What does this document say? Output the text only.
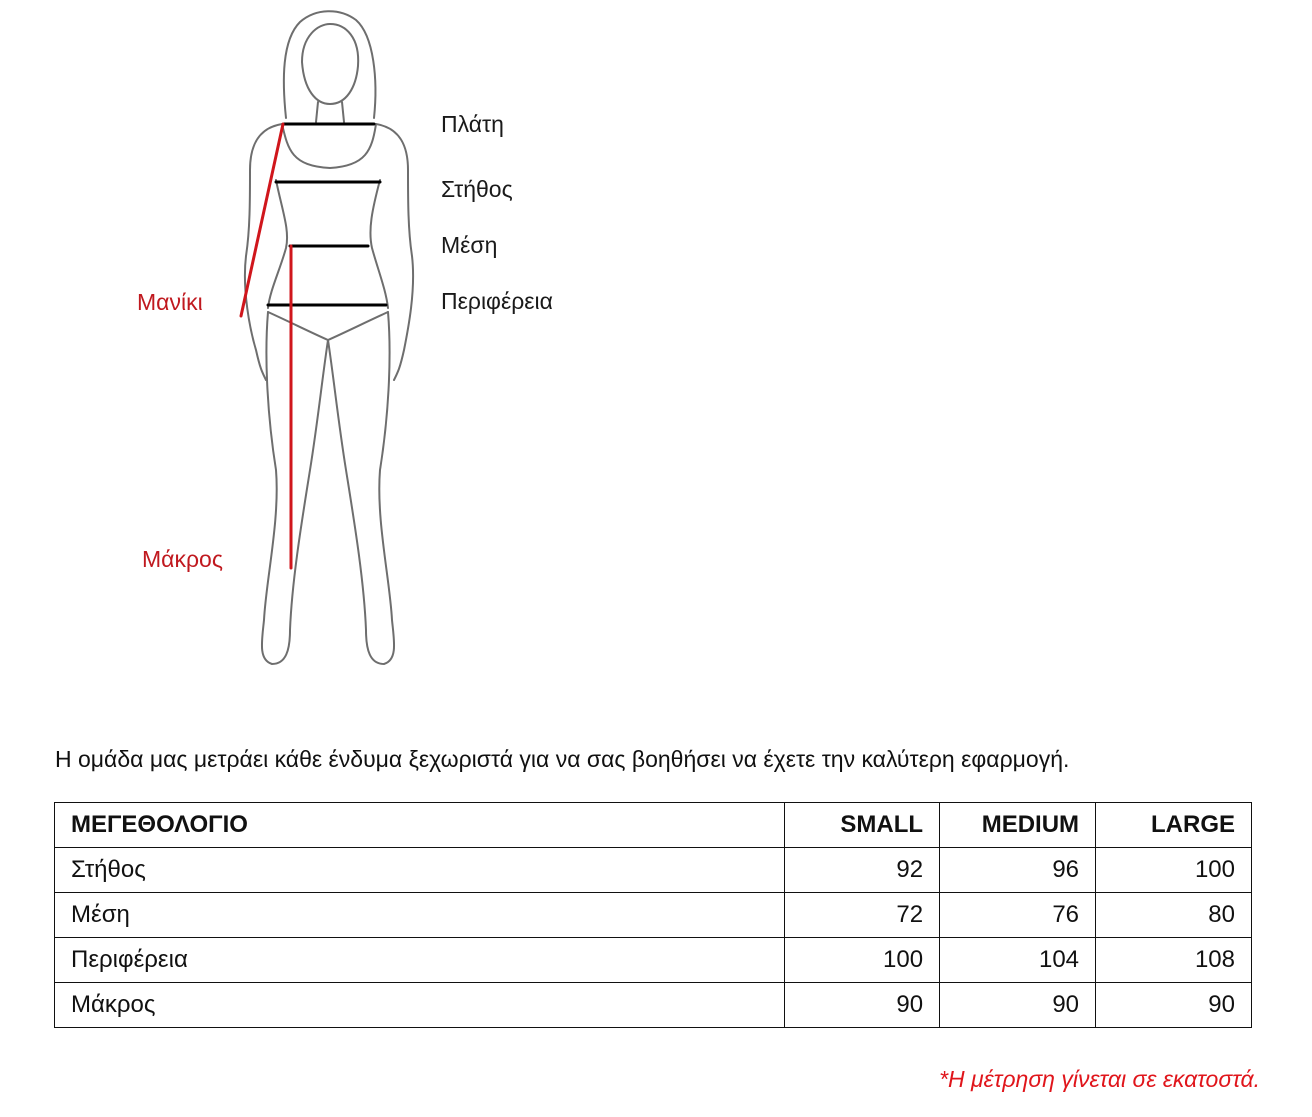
Πλάτη
Στήθος
Μέση
Περιφέρεια
Μανίκι
Μάκρος
Η ομάδα μας μετράει κάθε ένδυμα ξεχωριστά για να σας βοηθήσει να έχετε την καλύτερη εφαρμογή.
ΜΕΓΕΘΟΛΟΓΙΟ	SMALL	MEDIUM	LARGE
Στήθος	92	96	100
Μέση	72	76	80
Περιφέρεια	100	104	108
Μάκρος	90	90	90
*Η μέτρηση γίνεται σε εκατοστά.
